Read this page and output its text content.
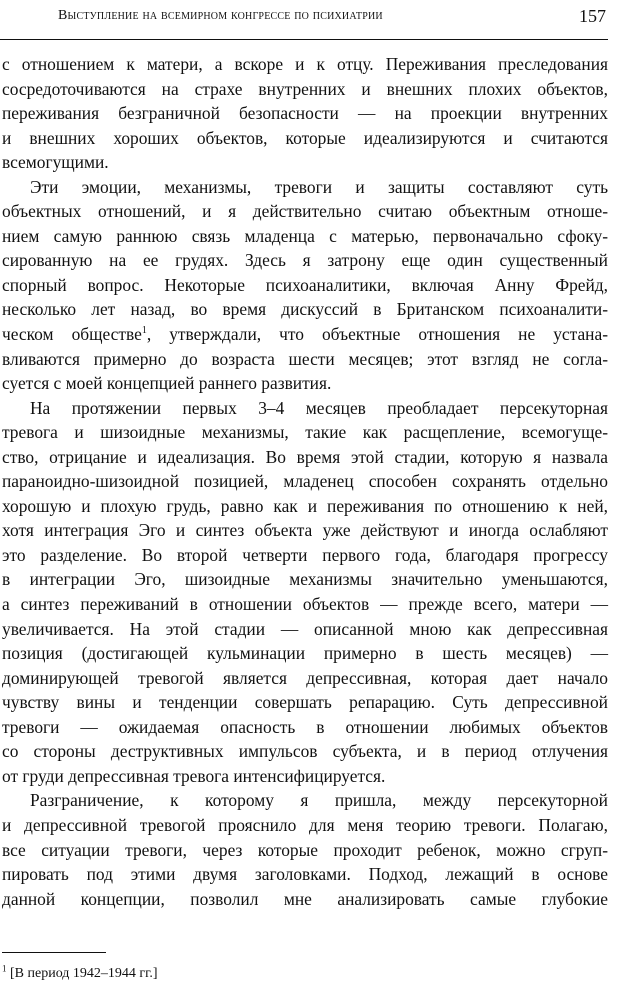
Выступление на всемирном конгрессе по психиатрии	157
с отношением к матери, а вскоре и к отцу. Переживания преследования
сосредоточиваются на страхе внутренних и внешних плохих объектов,
переживания безграничной безопасности — на проекции внутренних
и внешних хороших объектов, которые идеализируются и считаются
всемогущими.
Эти эмоции, механизмы, тревоги и защиты составляют суть
объектных отношений, и я действительно считаю объектным отноше-
нием самую раннюю связь младенца с матерью, первоначально сфоку-
сированную на ее грудях. Здесь я затрону еще один существенный
спорный вопрос. Некоторые психоаналитики, включая Анну Фрейд,
несколько лет назад, во время дискуссий в Британском психоаналити-
ческом обществе$^1$, утверждали, что объектные отношения не устана-
вливаются примерно до возраста шести месяцев; этот взгляд не согла-
суется с моей концепцией раннего развития.
На протяжении первых 3–4 месяцев преобладает персекуторная
тревога и шизоидные механизмы, такие как расщепление, всемогуще-
ство, отрицание и идеализация. Во время этой стадии, которую я назвала
параноидно-шизоидной позицией, младенец способен сохранять отдельно
хорошую и плохую грудь, равно как и переживания по отношению к ней,
хотя интеграция Эго и синтез объекта уже действуют и иногда ослабляют
это разделение. Во второй четверти первого года, благодаря прогрессу
в интеграции Эго, шизоидные механизмы значительно уменьшаются,
а синтез переживаний в отношении объектов — прежде всего, матери —
увеличивается. На этой стадии — описанной мною как депрессивная
позиция (достигающей кульминации примерно в шесть месяцев) —
доминирующей тревогой является депрессивная, которая дает начало
чувству вины и тенденции совершать репарацию. Суть депрессивной
тревоги — ожидаемая опасность в отношении любимых объектов
со стороны деструктивных импульсов субъекта, и в период отлучения
от груди депрессивная тревога интенсифицируется.
Разграничение, к которому я пришла, между персекуторной
и депрессивной тревогой прояснило для меня теорию тревоги. Полагаю,
все ситуации тревоги, через которые проходит ребенок, можно сгруп-
пировать под этими двумя заголовками. Подход, лежащий в основе
данной концепции, позволил мне анализировать самые глубокие
$^1$ [В период 1942–1944 гг.]
